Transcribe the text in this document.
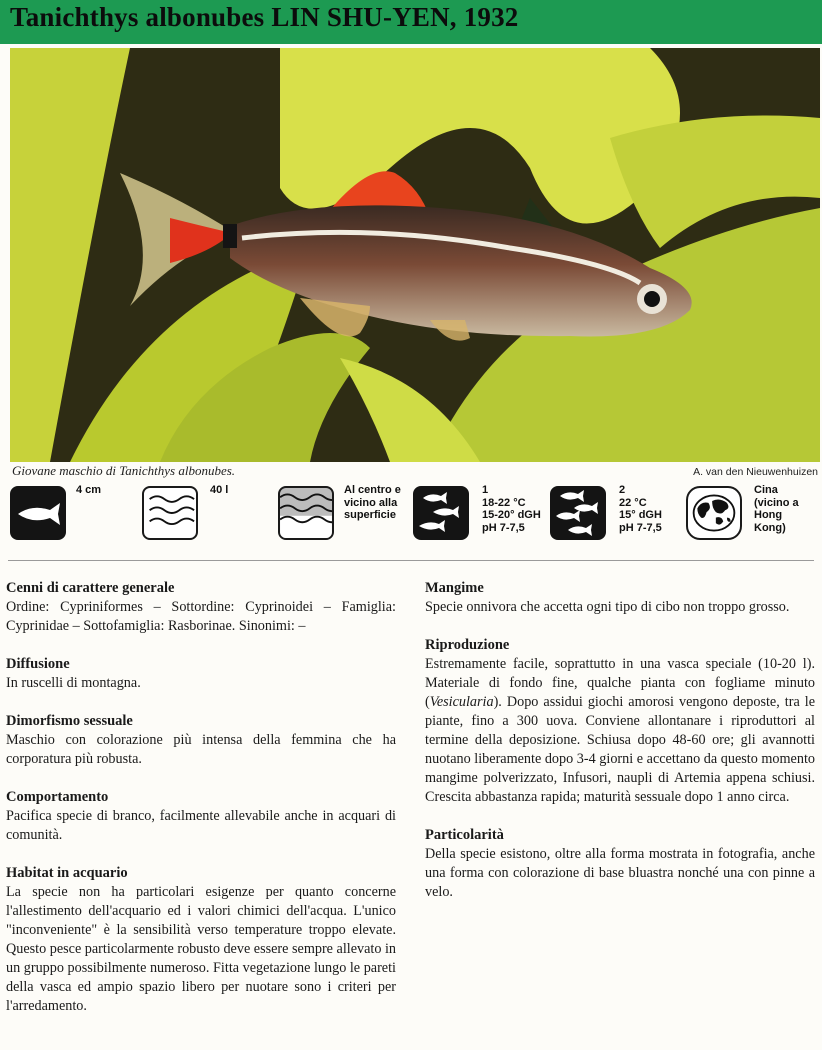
Tanichthys albonubes LIN SHU-YEN, 1932
Giovane maschio di Tanichthys albonubes.	A. van den Nieuwenhuizen
4 cm	40 l	Al centro e
vicino alla
superficie
1
18-22 °C
15-20° dGH
pH 7-7,5
2
22 °C
15° dGH
pH 7-7,5
Cina
(vicino a
Hong
Kong)
Cenni di carattere generale

Ordine: Cypriniformes – Sottordine: Cyprinoidei – Famiglia: Cyprinidae – Sottofamiglia: Rasborinae. Sinonimi: –

Diffusione

In ruscelli di montagna.

Dimorfismo sessuale

Maschio con colorazione più intensa della femmina che ha corporatura più robusta.

Comportamento

Pacifica specie di branco, facilmente allevabile anche in acquari di comunità.

Habitat in acquario

La specie non ha particolari esigenze per quanto concerne l'allestimento dell'acquario ed i valori chimici dell'acqua. L'unico "inconveniente" è la sensibilità verso temperature troppo elevate. Questo pesce particolarmente robusto deve essere sempre allevato in un gruppo possibilmente numeroso. Fitta vegetazione lungo le pareti della vasca ed ampio spazio libero per nuotare sono i criteri per l'arredamento.

Mangime

Specie onnivora che accetta ogni tipo di cibo non troppo grosso.

Riproduzione

Estremamente facile, soprattutto in una vasca speciale (10-20 l). Materiale di fondo fine, qualche pianta con fogliame minuto (Vesicularia). Dopo assidui giochi amorosi vengono deposte, tra le piante, fino a 300 uova. Conviene allontanare i riproduttori al termine della deposizione. Schiusa dopo 48-60 ore; gli avannotti nuotano liberamente dopo 3-4 giorni e accettano da questo momento mangime polverizzato, Infusori, naupli di Artemia appena schiusi. Crescita abbastanza rapida; maturità sessuale dopo 1 anno circa.

Particolarità

Della specie esistono, oltre alla forma mostrata in fotografia, anche una forma con colorazione di base bluastra nonché una con pinne a velo.
